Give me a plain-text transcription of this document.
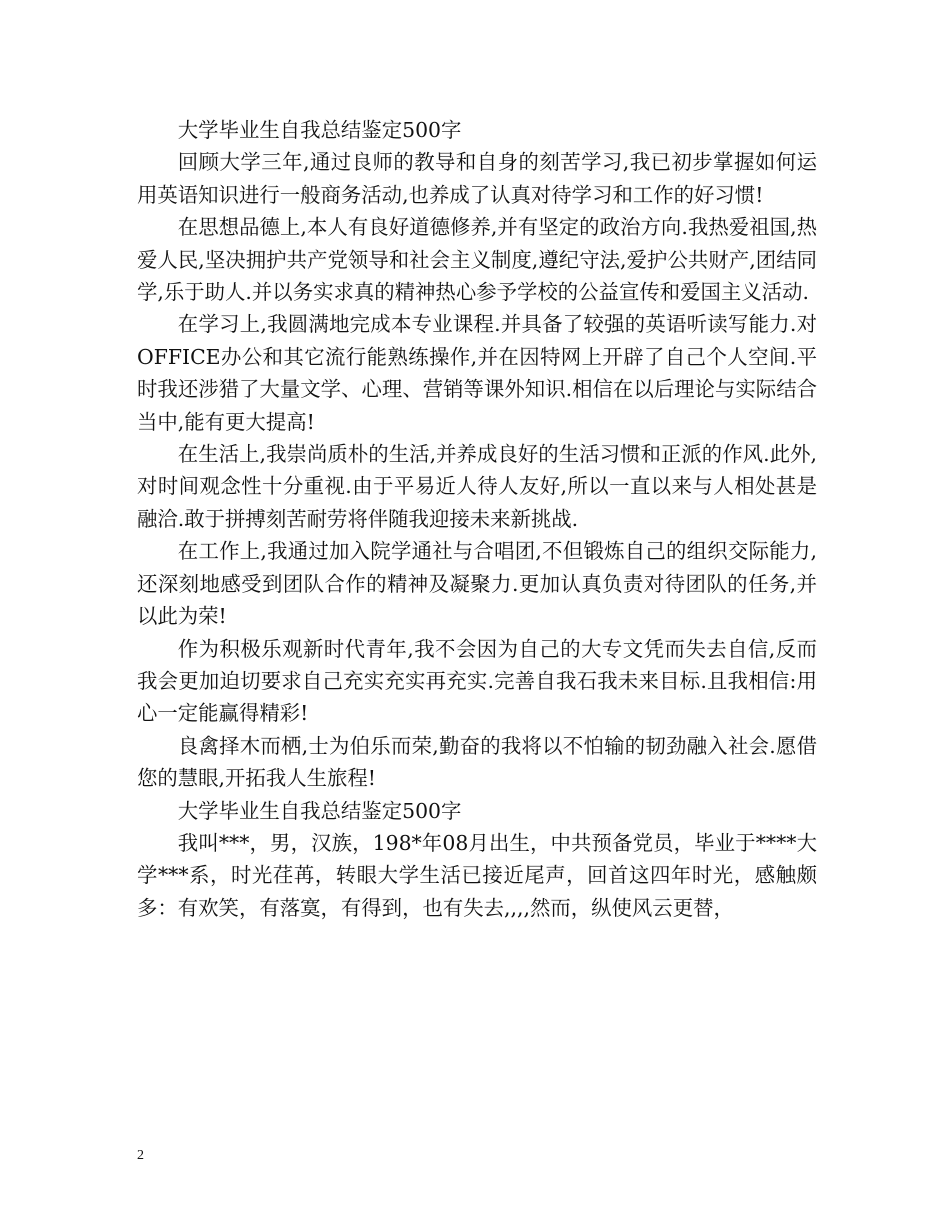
大学毕业生自我总结鉴定500字

回顾大学三年,通过良师的教导和自身的刻苦学习,我已初步掌握如何运用英语知识进行一般商务活动,也养成了认真对待学习和工作的好习惯!

在思想品德上,本人有良好道德修养,并有坚定的政治方向.我热爱祖国,热爱人民,坚决拥护共产党领导和社会主义制度,遵纪守法,爱护公共财产,团结同学,乐于助人.并以务实求真的精神热心参予学校的公益宣传和爱国主义活动.

在学习上,我圆满地完成本专业课程.并具备了较强的英语听读写能力.对OFFICE办公和其它流行能熟练操作,并在因特网上开辟了自己个人空间.平时我还涉猎了大量文学、心理、营销等课外知识.相信在以后理论与实际结合当中,能有更大提高!

在生活上,我崇尚质朴的生活,并养成良好的生活习惯和正派的作风.此外,对时间观念性十分重视.由于平易近人待人友好,所以一直以来与人相处甚是融洽.敢于拼搏刻苦耐劳将伴随我迎接未来新挑战.

在工作上,我通过加入院学通社与合唱团,不但锻炼自己的组织交际能力,还深刻地感受到团队合作的精神及凝聚力.更加认真负责对待团队的任务,并以此为荣!

作为积极乐观新时代青年,我不会因为自己的大专文凭而失去自信,反而我会更加迫切要求自己充实充实再充实.完善自我石我未来目标.且我相信:用心一定能赢得精彩!

良禽择木而栖,士为伯乐而荣,勤奋的我将以不怕输的韧劲融入社会.愿借您的慧眼,开拓我人生旅程!

大学毕业生自我总结鉴定500字

我叫***，男，汉族，198*年08月出生，中共预备党员，毕业于****大学***系，时光荏苒，转眼大学生活已接近尾声，回首这四年时光，感触颇多：有欢笑，有落寞，有得到，也有失去,,,,然而，纵使风云更替，

2
